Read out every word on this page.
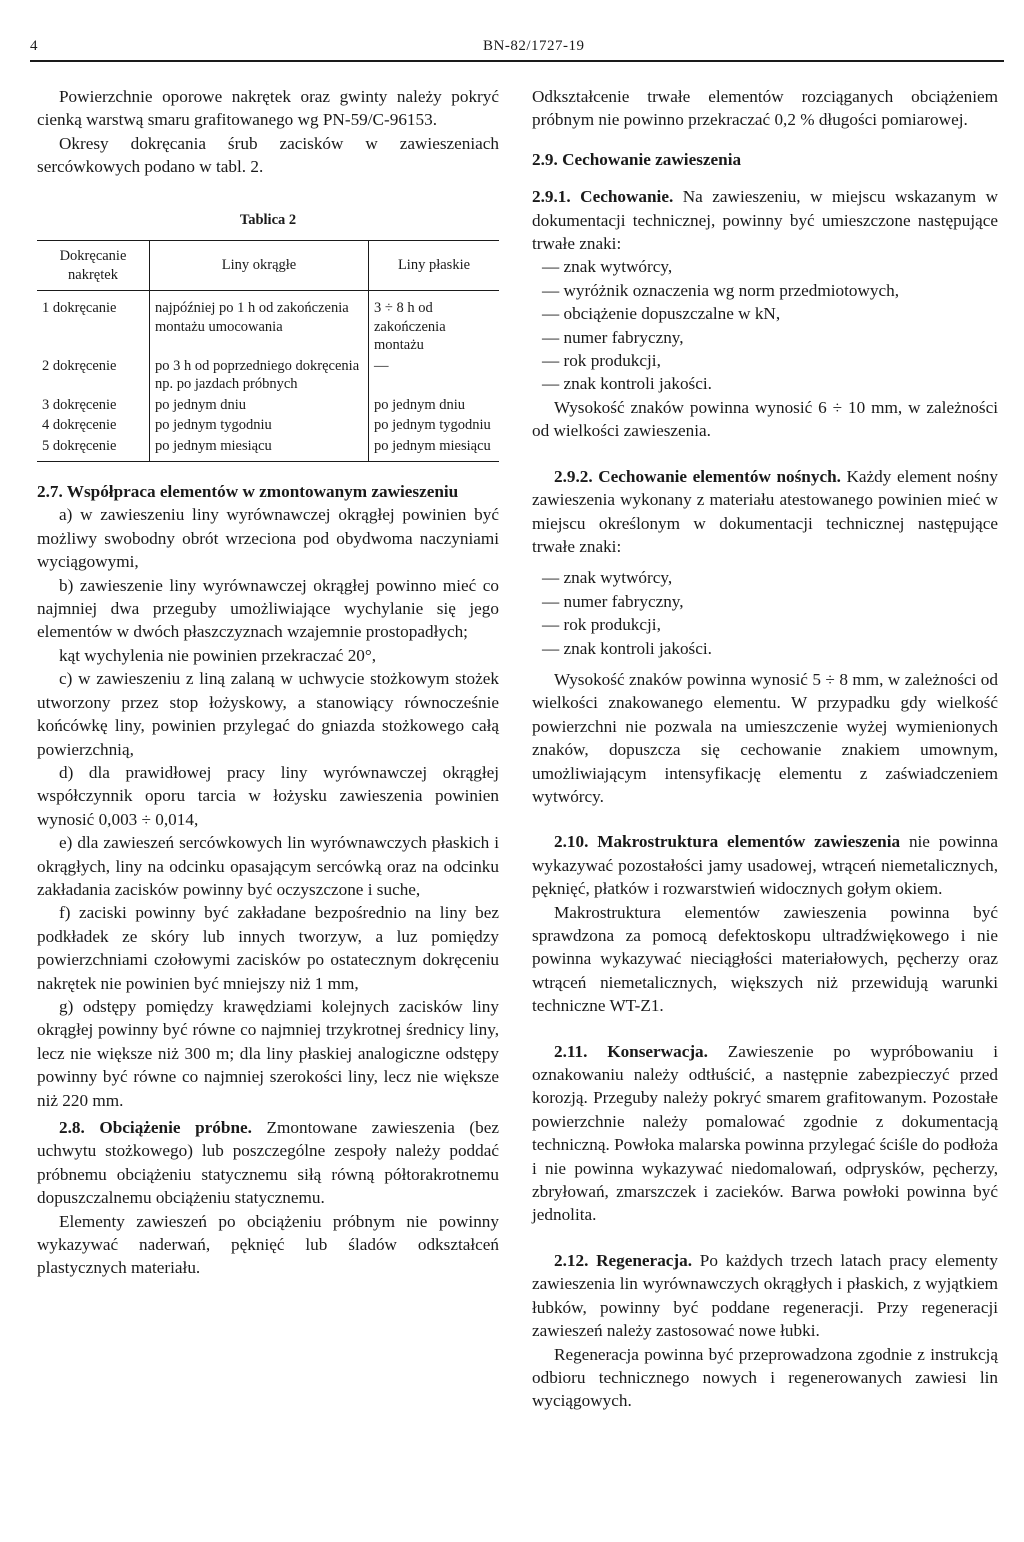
4	BN-82/1727-19

Powierzchnie oporowe nakrętek oraz gwinty należy pokryć cienką warstwą smaru grafitowanego wg PN-59/C-96153.

Okresy dokręcania śrub zacisków w zawieszeniach sercówkowych podano w tabl. 2.

Tablica 2
Dokręcanie nakrętek	Liny okrągłe	Liny płaskie
1 dokręcanie	najpóźniej po 1 h od zakończenia montażu umocowania	3 ÷ 8 h od zakończenia montażu
2 dokręcenie	po 3 h od poprzedniego dokręcenia np. po jazdach próbnych	—
3 dokręcenie	po jednym dniu	po jednym dniu
4 dokręcenie	po jednym tygodniu	po jednym tygodniu
5 dokręcenie	po jednym miesiącu	po jednym miesiącu

2.7. Współpraca elementów w zmontowanym zawieszeniu

a) w zawieszeniu liny wyrównawczej okrągłej powinien być możliwy swobodny obrót wrzeciona pod obydwoma naczyniami wyciągowymi,

b) zawieszenie liny wyrównawczej okrągłej powinno mieć co najmniej dwa przeguby umożliwiające wychylanie się jego elementów w dwóch płaszczyznach wzajemnie prostopadłych;

kąt wychylenia nie powinien przekraczać 20°,

c) w zawieszeniu z liną zalaną w uchwycie stożkowym stożek utworzony przez stop łożyskowy, a stanowiący równocześnie końcówkę liny, powinien przylegać do gniazda stożkowego całą powierzchnią,

d) dla prawidłowej pracy liny wyrównawczej okrągłej współczynnik oporu tarcia w łożysku zawieszenia powinien wynosić 0,003 ÷ 0,014,

e) dla zawieszeń sercówkowych lin wyrównawczych płaskich i okrągłych, liny na odcinku opasającym sercówką oraz na odcinku zakładania zacisków powinny być oczyszczone i suche,

f) zaciski powinny być zakładane bezpośrednio na liny bez podkładek ze skóry lub innych tworzyw, a luz pomiędzy powierzchniami czołowymi zacisków po ostatecznym dokręceniu nakrętek nie powinien być mniejszy niż 1 mm,

g) odstępy pomiędzy krawędziami kolejnych zacisków liny okrągłej powinny być równe co najmniej trzykrotnej średnicy liny, lecz nie większe niż 300 m; dla liny płaskiej analogiczne odstępy powinny być równe co najmniej szerokości liny, lecz nie większe niż 220 mm.

2.8. Obciążenie próbne. Zmontowane zawieszenia (bez uchwytu stożkowego) lub poszczególne zespoły należy poddać próbnemu obciążeniu statycznemu siłą równą półtorakrotnemu dopuszczalnemu obciążeniu statycznemu.

Elementy zawieszeń po obciążeniu próbnym nie powinny wykazywać naderwań, pęknięć lub śladów odkształceń plastycznych materiału.

Odkształcenie trwałe elementów rozciąganych obciążeniem próbnym nie powinno przekraczać 0,2 % długości pomiarowej.

2.9. Cechowanie zawieszenia

2.9.1. Cechowanie. Na zawieszeniu, w miejscu wskazanym w dokumentacji technicznej, powinny być umieszczone następujące trwałe znaki:

— znak wytwórcy,
— wyróżnik oznaczenia wg norm przedmiotowych,
— obciążenie dopuszczalne w kN,
— numer fabryczny,
— rok produkcji,
— znak kontroli jakości.

Wysokość znaków powinna wynosić 6 ÷ 10 mm, w zależności od wielkości zawieszenia.

2.9.2. Cechowanie elementów nośnych. Każdy element nośny zawieszenia wykonany z materiału atestowanego powinien mieć w miejscu określonym w dokumentacji technicznej następujące trwałe znaki:

— znak wytwórcy,
— numer fabryczny,
— rok produkcji,
— znak kontroli jakości.

Wysokość znaków powinna wynosić 5 ÷ 8 mm, w zależności od wielkości znakowanego elementu. W przypadku gdy wielkość powierzchni nie pozwala na umieszczenie wyżej wymienionych znaków, dopuszcza się cechowanie znakiem umownym, umożliwiającym intensyfikację elementu z zaświadczeniem wytwórcy.

2.10. Makrostruktura elementów zawieszenia nie powinna wykazywać pozostałości jamy usadowej, wtrąceń niemetalicznych, pęknięć, płatków i rozwarstwień widocznych gołym okiem.

Makrostruktura elementów zawieszenia powinna być sprawdzona za pomocą defektoskopu ultradźwiękowego i nie powinna wykazywać nieciągłości materiałowych, pęcherzy oraz wtrąceń niemetalicznych, większych niż przewidują warunki techniczne WT-Z1.

2.11. Konserwacja. Zawieszenie po wypróbowaniu i oznakowaniu należy odtłuścić, a następnie zabezpieczyć przed korozją. Przeguby należy pokryć smarem grafitowanym. Pozostałe powierzchnie należy pomalować zgodnie z dokumentacją techniczną. Powłoka malarska powinna przylegać ściśle do podłoża i nie powinna wykazywać niedomalowań, odprysków, pęcherzy, zbryłowań, zmarszczek i zacieków. Barwa powłoki powinna być jednolita.

2.12. Regeneracja. Po każdych trzech latach pracy elementy zawieszenia lin wyrównawczych okrągłych i płaskich, z wyjątkiem łubków, powinny być poddane regeneracji. Przy regeneracji zawieszeń należy zastosować nowe łubki.

Regeneracja powinna być przeprowadzona zgodnie z instrukcją odbioru technicznego nowych i regenerowanych zawiesi lin wyciągowych.
